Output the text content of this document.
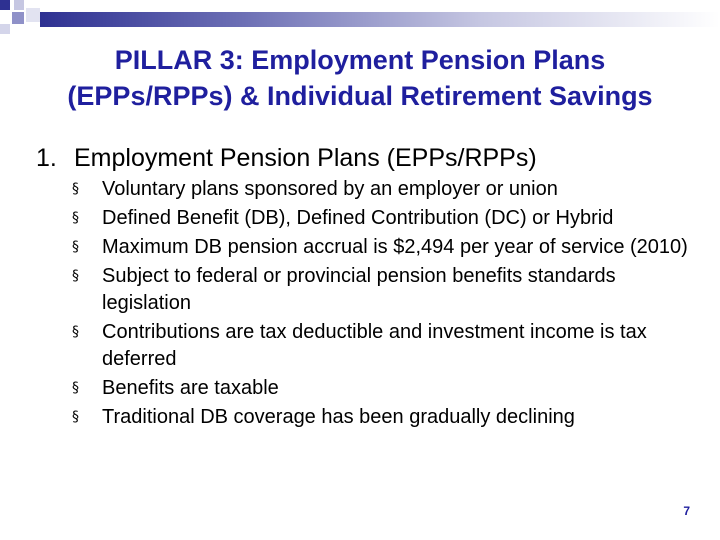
PILLAR 3: Employment Pension Plans
(EPPs/RPPs) & Individual Retirement Savings
1. Employment Pension Plans (EPPs/RPPs)
§ Voluntary plans sponsored by an employer or union
§ Defined Benefit (DB), Defined Contribution (DC) or Hybrid
§ Maximum DB pension accrual is $2,494 per year of service (2010)
§ Subject to federal or provincial pension benefits standards legislation
§ Contributions are tax deductible and investment income is tax deferred
§ Benefits are taxable
§ Traditional DB coverage has been gradually declining
7
